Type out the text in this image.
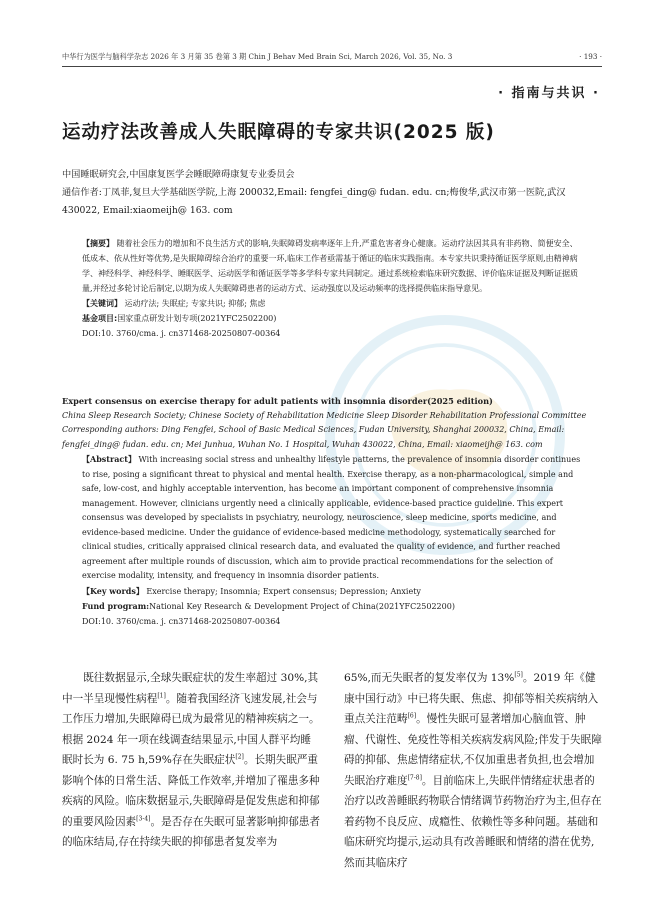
中华行为医学与脑科学杂志 2026 年 3 月第 35 卷第 3 期 Chin J Behav Med Brain Sci, March 2026, Vol. 35, No. 3	· 193 ·
· 指南与共识 ·
运动疗法改善成人失眠障碍的专家共识(2025 版)
中国睡眠研究会,中国康复医学会睡眠障碍康复专业委员会
通信作者:丁凤菲,复旦大学基础医学院,上海 200032,Email: fengfei_ding@ fudan. edu. cn;梅俊华,武汉市第一医院,武汉 430022, Email:xiaomeijh@ 163. com
【摘要】 随着社会压力的增加和不良生活方式的影响,失眠障碍发病率逐年上升,严重危害者身心健康。运动疗法因其具有非药物、简便安全、低成本、依从性好等优势,是失眠障碍综合治疗的重要一环,临床工作者亟需基于循证的临床实践指南。本专家共识秉持循证医学原则,由精神病学、神经科学、神经科学、睡眠医学、运动医学和循证医学等多学科专家共同制定。通过系统检索临床研究数据、评价临床证据及判断证据质量,并经过多轮讨论后制定,以期为成人失眠障碍患者的运动方式、运动强度以及运动频率的选择提供临床指导意见。
【关键词】 运动疗法; 失眠症; 专家共识; 抑郁; 焦虑
基金项目:国家重点研发计划专项(2021YFC2502200)
DOI:10. 3760/cma. j. cn371468-20250807-00364
Expert consensus on exercise therapy for adult patients with insomnia disorder(2025 edition)
China Sleep Research Society; Chinese Society of Rehabilitation Medicine Sleep Disorder Rehabilitation Professional Committee
Corresponding authors: Ding Fengfei, School of Basic Medical Sciences, Fudan University, Shanghai 200032, China, Email: fengfei_ding@ fudan. edu. cn; Mei Junhua, Wuhan No. 1 Hospital, Wuhan 430022, China, Email: xiaomeijh@ 163. com
【Abstract】 With increasing social stress and unhealthy lifestyle patterns, the prevalence of insomnia disorder continues to rise, posing a significant threat to physical and mental health. Exercise therapy, as a non-pharmacological, simple and safe, low-cost, and highly acceptable intervention, has become an important component of comprehensive insomnia management. However, clinicians urgently need a clinically applicable, evidence-based practice guideline. This expert consensus was developed by specialists in psychiatry, neurology, neuroscience, sleep medicine, sports medicine, and evidence-based medicine. Under the guidance of evidence-based medicine methodology, systematically searched for clinical studies, critically appraised clinical research data, and evaluated the quality of evidence, and further reached agreement after multiple rounds of discussion, which aim to provide practical recommendations for the selection of exercise modality, intensity, and frequency in insomnia disorder patients.
【Key words】 Exercise therapy; Insomnia; Expert consensus; Depression; Anxiety
Fund program:National Key Research & Development Project of China(2021YFC2502200)
DOI:10. 3760/cma. j. cn371468-20250807-00364
既往数据显示,全球失眠症状的发生率超过 30%,其中一半呈现慢性病程[1]。随着我国经济飞速发展,社会与工作压力增加,失眠障碍已成为最常见的精神疾病之一。根据 2024 年一项在线调查结果显示,中国人群平均睡眠时长为 6. 75 h,59%存在失眠症状[2]。长期失眠严重影响个体的日常生活、降低工作效率,并增加了罹患多种疾病的风险。临床数据显示,失眠障碍是促发焦虑和抑郁的重要风险因素[3-4]。是否存在失眠可显著影响抑郁患者的临床结局,存在持续失眠的抑郁患者复发率为
65%,而无失眠者的复发率仅为 13%[5]。2019 年《健康中国行动》中已将失眠、焦虑、抑郁等相关疾病纳入重点关注范畴[6]。慢性失眠可显著增加心脑血管、肿瘤、代谢性、免疫性等相关疾病发病风险;伴发于失眠障碍的抑郁、焦虑情绪症状,不仅加重患者负担,也会增加失眠治疗难度[7-8]。目前临床上,失眠伴情绪症状患者的治疗以改善睡眠药物联合情绪调节药物治疗为主,但存在着药物不良反应、成瘾性、依赖性等多种问题。基础和临床研究均提示,运动具有改善睡眠和情绪的潜在优势,然而其临床疗
